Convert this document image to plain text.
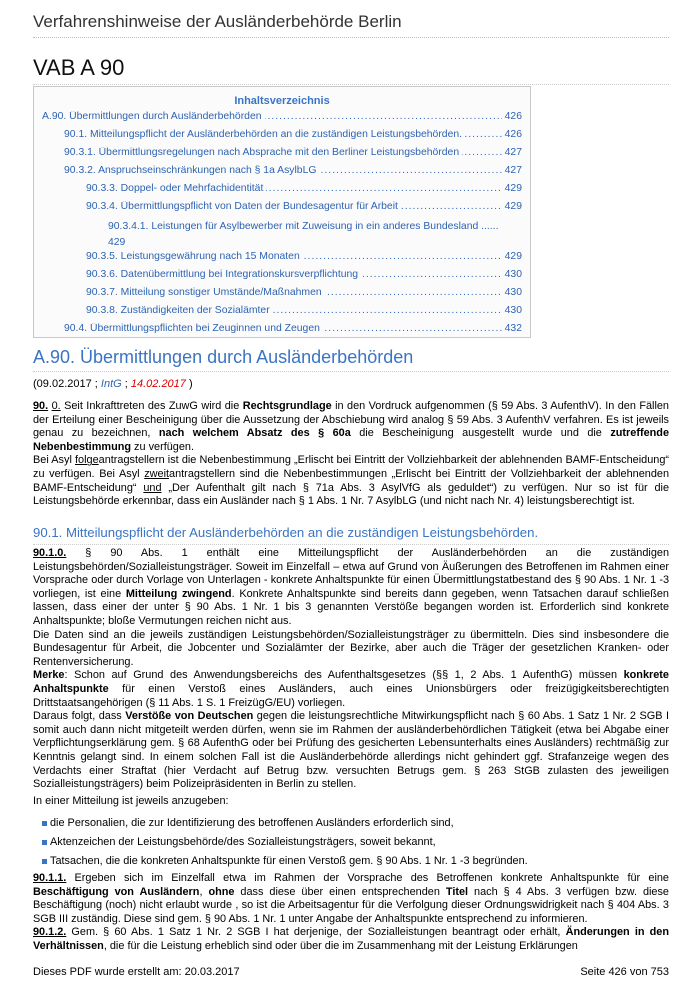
Verfahrenshinweise der Ausländerbehörde Berlin
VAB A 90
Inhaltsverzeichnis
.....
A.90. Übermittlungen durch Ausländerbehörden	426
.....
90.1. Mitteilungspflicht der Ausländerbehörden an die zuständigen Leistungsbehörden.	426
.....
90.3.1. Übermittlungsregelungen nach Absprache mit den Berliner Leistungsbehörden	427
.....
90.3.2. Anspruchseinschränkungen nach § 1a AsylbLG	427
.....
90.3.3. Doppel- oder Mehrfachidentität	429
.....
90.3.4. Übermittlungspflicht von Daten der Bundesagentur für Arbeit	429
90.3.4.1. Leistungen für Asylbewerber mit Zuweisung in ein anderes Bundesland ......
429
.....
90.3.5. Leistungsgewährung nach 15 Monaten	429
.....
90.3.6. Datenübermittlung bei Integrationskursverpflichtung	430
.....
90.3.7. Mitteilung sonstiger Umstände/Maßnahmen	430
.....
90.3.8. Zuständigkeiten der Sozialämter	430
.....
90.4. Übermittlungspflichten bei Zeuginnen und Zeugen	432
A.90. Übermittlungen durch Ausländerbehörden
(09.02.2017 ; IntG ; 14.02.2017 )
90. 0. Seit Inkrafttreten des ZuwG wird die Rechtsgrundlage in den Vordruck aufgenommen (§ 59 Abs. 3 AufenthV). In den Fällen der Erteilung einer Bescheinigung über die Aussetzung der Abschiebung wird analog § 59 Abs. 3 AufenthV verfahren. Es ist jeweils genau zu bezeichnen, nach welchem Absatz des § 60a die Bescheinigung ausgestellt wurde und die zutreffende Nebenbestimmung zu verfügen.
Bei Asyl folgeantragstellern ist die Nebenbestimmung „Erlischt bei Eintritt der Vollziehbarkeit der ablehnenden BAMF-Entscheidung“ zu verfügen. Bei Asyl zweitantragstellern sind die Nebenbestimmungen „Erlischt bei Eintritt der Vollziehbarkeit der ablehnenden BAMF-Entscheidung“ und „Der Aufenthalt gilt nach § 71a Abs. 3 AsylVfG als geduldet“) zu verfügen. Nur so ist für die Leistungsbehörde erkennbar, dass ein Ausländer nach § 1 Abs. 1 Nr. 7 AsylbLG (und nicht nach Nr. 4) leistungsberechtigt ist.
90.1. Mitteilungspflicht der Ausländerbehörden an die zuständigen Leistungsbehörden.
90.1.0. § 90 Abs. 1 enthält eine Mitteilungspflicht der Ausländerbehörden an die zuständigen Leistungsbehörden/Sozialleistungsträger. Soweit im Einzelfall – etwa auf Grund von Äußerungen des Betroffenen im Rahmen einer Vorsprache oder durch Vorlage von Unterlagen - konkrete Anhaltspunkte für einen Übermittlungstatbestand des § 90 Abs. 1 Nr. 1 -3 vorliegen, ist eine Mitteilung zwingend. Konkrete Anhaltspunkte sind bereits dann gegeben, wenn Tatsachen darauf schließen lassen, dass einer der unter § 90 Abs. 1 Nr. 1 bis 3 genannten Verstöße begangen worden ist. Erforderlich sind konkrete Anhaltspunkte; bloße Vermutungen reichen nicht aus.
Die Daten sind an die jeweils zuständigen Leistungsbehörden/Sozialleistungsträger zu übermitteln. Dies sind insbesondere die Bundesagentur für Arbeit, die Jobcenter und Sozialämter der Bezirke, aber auch die Träger der gesetzlichen Kranken- oder Rentenversicherung.
Merke: Schon auf Grund des Anwendungsbereichs des Aufenthaltsgesetzes (§§ 1, 2 Abs. 1 AufenthG) müssen konkrete Anhaltspunkte für einen Verstoß eines Ausländers, auch eines Unionsbürgers oder freizügigkeitsberechtigten Drittstaatsangehörigen (§ 11 Abs. 1 S. 1 FreizügG/EU) vorliegen.
Daraus folgt, dass Verstöße von Deutschen gegen die leistungsrechtliche Mitwirkungspflicht nach § 60 Abs. 1 Satz 1 Nr. 2 SGB I somit auch dann nicht mitgeteilt werden dürfen, wenn sie im Rahmen der ausländerbehördlichen Tätigkeit (etwa bei Abgabe einer Verpflichtungserklärung gem. § 68 AufenthG oder bei Prüfung des gesicherten Lebensunterhalts eines Ausländers) rechtmäßig zur Kenntnis gelangt sind. In einem solchen Fall ist die Ausländerbehörde allerdings nicht gehindert ggf. Strafanzeige wegen des Verdachts einer Straftat (hier Verdacht auf Betrug bzw. versuchten Betrugs gem. § 263 StGB zulasten des jeweiligen Sozialleistungsträgers) beim Polizeipräsidenten in Berlin zu stellen.
In einer Mitteilung ist jeweils anzugeben:
die Personalien, die zur Identifizierung des betroffenen Ausländers erforderlich sind,
Aktenzeichen der Leistungsbehörde/des Sozialleistungsträgers, soweit bekannt,
Tatsachen, die die konkreten Anhaltspunkte für einen Verstoß gem. § 90 Abs. 1 Nr. 1 -3 begründen.
90.1.1. Ergeben sich im Einzelfall etwa im Rahmen der Vorsprache des Betroffenen konkrete Anhaltspunkte für eine Beschäftigung von Ausländern, ohne dass diese über einen entsprechenden Titel nach § 4 Abs. 3 verfügen bzw. diese Beschäftigung (noch) nicht erlaubt wurde , so ist die Arbeitsagentur für die Verfolgung dieser Ordnungswidrigkeit nach § 404 Abs. 3 SGB III zuständig. Diese sind gem. § 90 Abs. 1 Nr. 1 unter Angabe der Anhaltspunkte entsprechend zu informieren.
90.1.2. Gem. § 60 Abs. 1 Satz 1 Nr. 2 SGB I hat derjenige, der Sozialleistungen beantragt oder erhält, Änderungen in den Verhältnissen, die für die Leistung erheblich sind oder über die im Zusammenhang mit der Leistung Erklärungen
Dieses PDF wurde erstellt am: 20.03.2017	Seite 426 von 753
